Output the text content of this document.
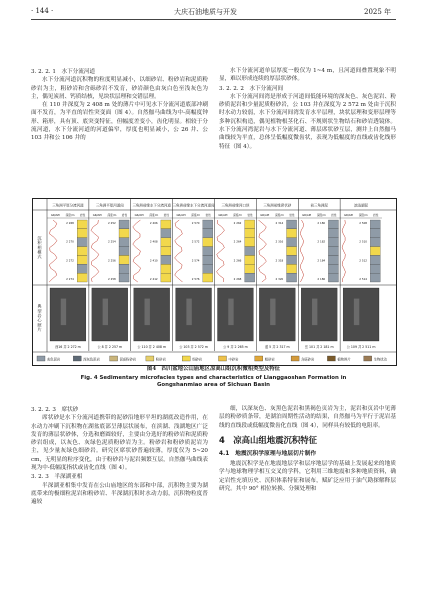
· 144 ·	大庆石油地质与开发	2025 年

3. 2. 2. 1　水下分流河道

水下分流河道沉积物的粒度明显减小，以细砂岩、粉砂岩和泥质粉砂岩为主，粗砂岩和含砾砂岩不发育，砂岩颜色由灰白色至浅灰色为主，偶见炭屑、钙质结核，见块状层理和交错层理。

在 110 井深度为 2 408 m 处的薄片中可见水下分流河道底部冲刷面不发育，为平直的岩性突变面（图 4）。自然伽马曲线为中-高幅度钟形、箱形，具有顶、底突变特征，但幅度差变小，齿化明显。相较于分流河道，水下分流河道的河道偏窄，厚度也明显减小，公 26 井、公 103 井和公 106 井的

水下分流河道单层厚度一般仅为 1~4 m，且河道间叠置现象不明显，难以形成连续的厚层状砂体。

3. 2. 2. 2　水下分流河间

水下分流河间湾是形成于河道间低能环境的深灰色、灰色泥岩、粉砂质泥岩和少量泥质粉砂岩，公 103 井在深度为 2 572 m 处由于沉积时水动力较弱，水下分流河间湾发育水平层理，块状层理和变形层理等多种沉积构造，偶见植物根茎化石、不规则状生物结石和砂岩透镜体。水下分流河湾泥岩与水下分流河道、薄层席状砂互层，测井上自然伽马曲线较为平直，总体呈低幅度微齿状，表现为低幅度的直线或齿化线形特征（图 4）。

沉积相模式
典型岩心照片
三角洲平原分流河道
GR/API 深度/m 岩性
2 268
2 270
2 272
2 274
西16 井 2 272 m
三角洲平原河道间
GR/API 深度/m 岩性
2 252
2 254
2 256
2 258
公 8 井 2 257 m
三角洲前缘水下分流河道
GR/API 深度/m 岩性
2 406
2 408
2 410
2 412
公 110 井 2 408 m
三角洲前缘水下分流河道间
GR/API 深度/m 岩性
2 570
2 572
2 574
2 576
公 103 井 2 572 m
三角洲前缘河口坝
GR/API 深度/m 岩性
2 262
2 264
2 266
2 268
公 9 井 2 265 m
三角洲前缘席状砂
GR/API 深度/m 岩性
2 314
2 316
2 318
2 320
遂 5 井 2 317 m
前三角洲泥
GR/API 深度/m 岩性
2 180
2 182
2 184
2 186
岳 101 井 2 181 m
滨浅湖泥
GR/API 深度/m 岩性
2 508
2 510
2 512
2 514
公 109 井 2 511 m
灰色泥岩	深灰色泥岩	泥质粉砂岩	粉砂岩	细砂岩	中砂岩	粗砂岩	含砾砂岩	植物碎片	生物扰动
图4　四川盆地公山庙地区凉高山组沉积微相类型及特征
Fig. 4 Sedimentary microfacies types and characteristics of Lianggaoshan Formation in
Gongshanmiao area of Sichuan Basin

3. 2. 2. 3　席状砂

席状砂是水下分流河道携带的泥砂沿地形平坦的湖底改造作用，在水动力冲刷下沉积物在湖盆底部呈薄层状展布，在滨湖、浅湖地区广泛发育的薄层状砂体，分选和磨圆较好，主要由分选好的粉砂岩和泥质粉砂岩组成，以灰色、灰绿色泥质粉砂岩为主。粉砂岩和粉砂质泥岩为主，见少量灰绿色细砂岩。研究区席状砂普遍较薄，厚度仅为 5~20 cm，无明显的粒序变化，由于粉砂岩与泥岩频繁互层，自然伽马曲线表现为中-低幅度指状或齿化直线（图 4）。

3. 2. 3　半深湖亚相

半深湖亚相集中发育在公山庙地区的东部和中部，沉积物主要为湖底带来的极细粒泥岩和粉砂岩、半深湖沉积时水动力弱，沉积物粒度普遍较

细，以深灰色、灰黑色泥岩和黑褐色页岩为主，泥岩和页岩中见薄层的粉砂质条带，是湖泊周期性活动的结果，自然伽马为平行于泥岩基线的直线段或低幅度微齿化直线（图 4），同样具有较低的电阻率。

4　凉高山组地震沉积特征

4.1　地震沉积学原理与地层切片制作

地震沉积学是在地震地层学和层序地层学的基础上发展起来的地质学与地球物理学相互交叉的学科，它利用三维地震和多种地质资料，确定岩性充填历史、沉积体系特征和展布，赋矿泛应用于油气勘探解释层研究。其中 90° 相位转换、分频处理和
